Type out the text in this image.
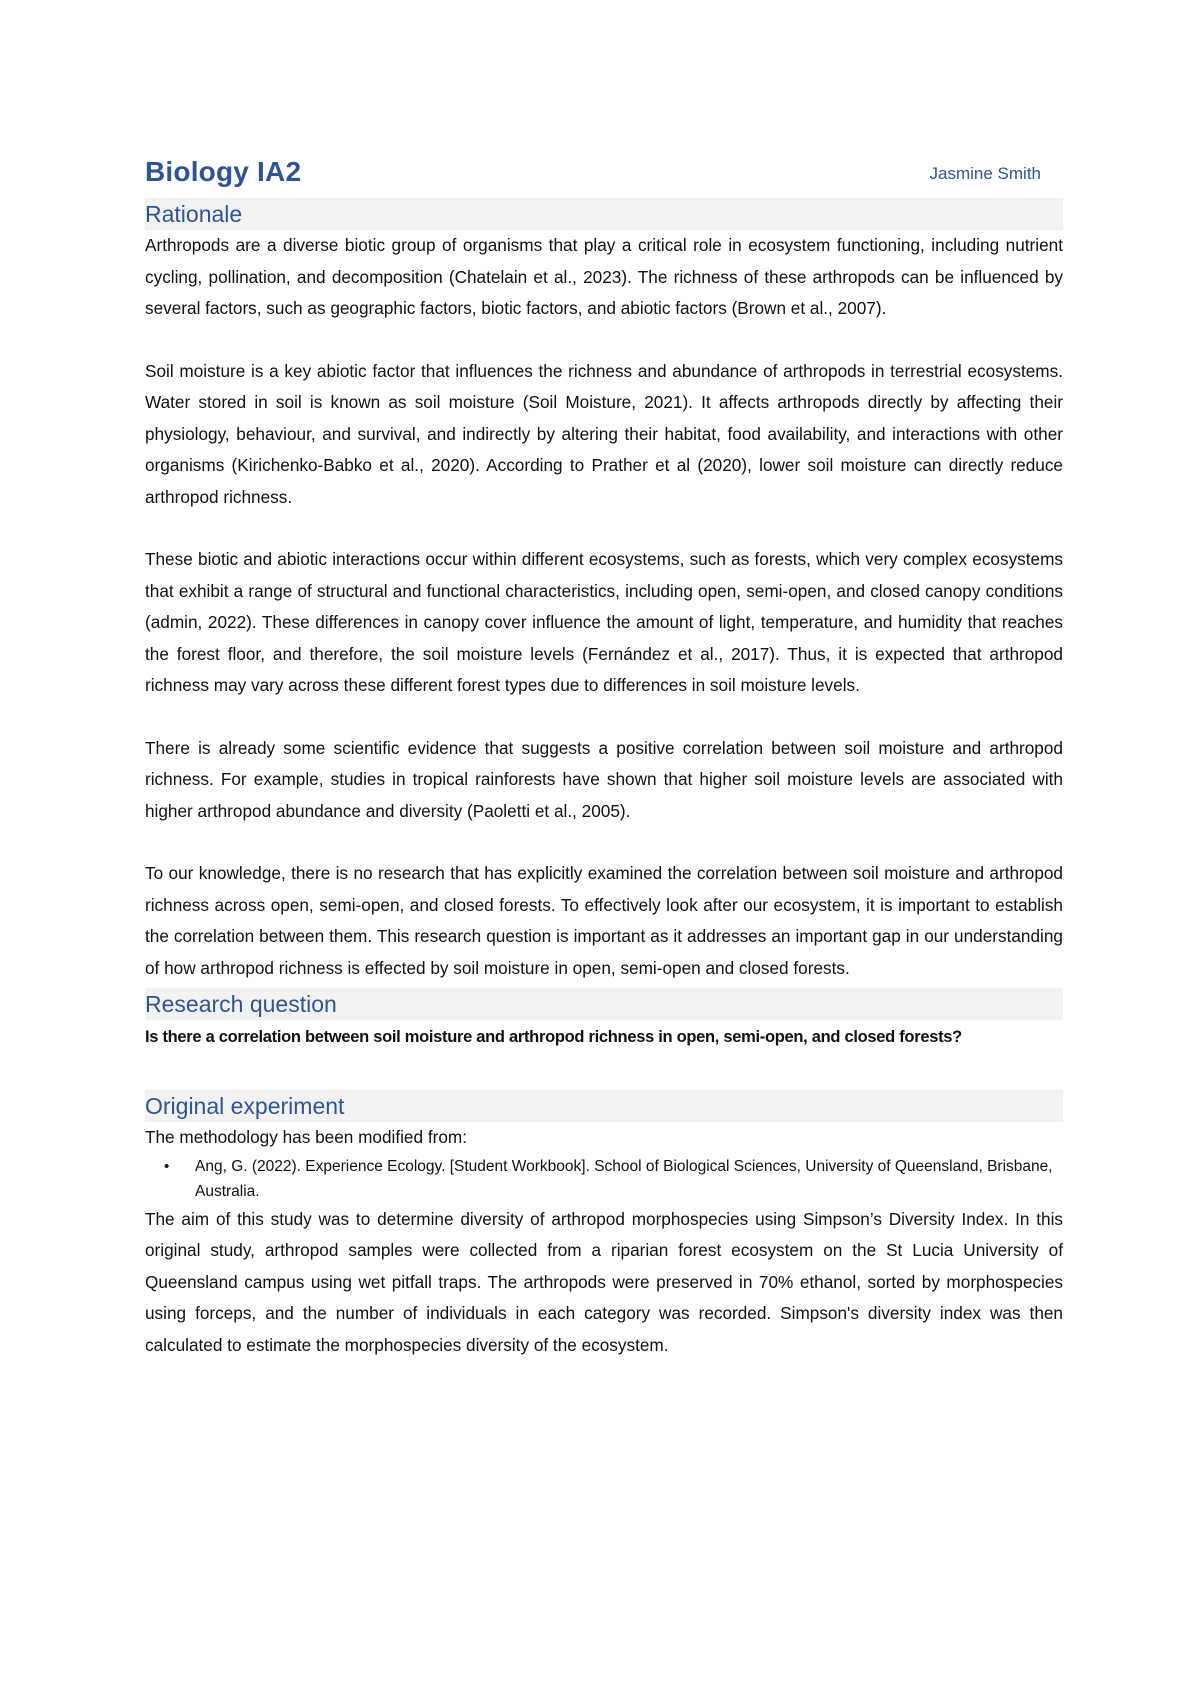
Biology IA2	Jasmine Smith
Rationale

Arthropods are a diverse biotic group of organisms that play a critical role in ecosystem functioning, including nutrient cycling, pollination, and decomposition (Chatelain et al., 2023). The richness of these arthropods can be influenced by several factors, such as geographic factors, biotic factors, and abiotic factors (Brown et al., 2007).

Soil moisture is a key abiotic factor that influences the richness and abundance of arthropods in terrestrial ecosystems. Water stored in soil is known as soil moisture (Soil Moisture, 2021). It affects arthropods directly by affecting their physiology, behaviour, and survival, and indirectly by altering their habitat, food availability, and interactions with other organisms (Kirichenko-Babko et al., 2020). According to Prather et al (2020), lower soil moisture can directly reduce arthropod richness.

These biotic and abiotic interactions occur within different ecosystems, such as forests, which very complex ecosystems that exhibit a range of structural and functional characteristics, including open, semi-open, and closed canopy conditions (admin, 2022). These differences in canopy cover influence the amount of light, temperature, and humidity that reaches the forest floor, and therefore, the soil moisture levels (Fernández et al., 2017). Thus, it is expected that arthropod richness may vary across these different forest types due to differences in soil moisture levels.

There is already some scientific evidence that suggests a positive correlation between soil moisture and arthropod richness. For example, studies in tropical rainforests have shown that higher soil moisture levels are associated with higher arthropod abundance and diversity (Paoletti et al., 2005).

To our knowledge, there is no research that has explicitly examined the correlation between soil moisture and arthropod richness across open, semi-open, and closed forests. To effectively look after our ecosystem, it is important to establish the correlation between them. This research question is important as it addresses an important gap in our understanding of how arthropod richness is effected by soil moisture in open, semi-open and closed forests.

Research question

Is there a correlation between soil moisture and arthropod richness in open, semi-open, and closed forests?

Original experiment

The methodology has been modified from:

• Ang, G. (2022). Experience Ecology. [Student Workbook]. School of Biological Sciences, University of Queensland, Brisbane, Australia.

The aim of this study was to determine diversity of arthropod morphospecies using Simpson’s Diversity Index. In this original study, arthropod samples were collected from a riparian forest ecosystem on the St Lucia University of Queensland campus using wet pitfall traps. The arthropods were preserved in 70% ethanol, sorted by morphospecies using forceps, and the number of individuals in each category was recorded. Simpson's diversity index was then calculated to estimate the morphospecies diversity of the ecosystem.
